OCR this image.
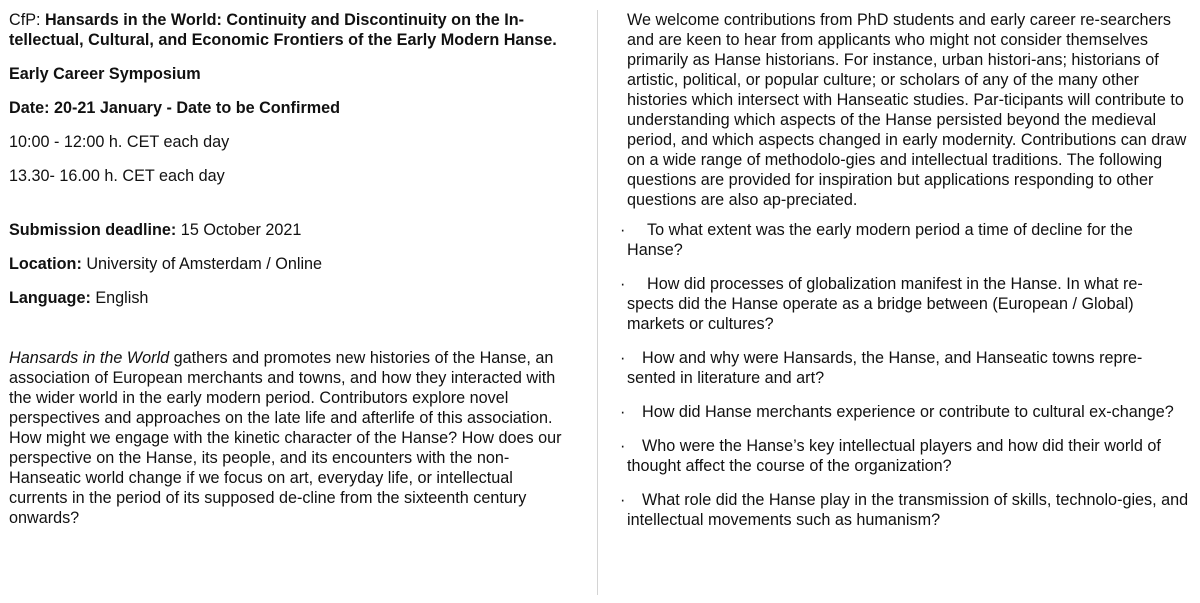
CfP: Hansards in the World: Continuity and Discontinuity on the In-tellectual, Cultural, and Economic Frontiers of the Early Modern Hanse.

Early Career Symposium

Date: 20-21 January - Date to be Confirmed

10:00 - 12:00 h. CET each day

13.30- 16.00 h. CET each day

Submission deadline: 15 October 2021

Location: University of Amsterdam / Online

Language: English

Hansards in the World gathers and promotes new histories of the Hanse, an association of European merchants and towns, and how they interacted with the wider world in the early modern period. Contributors explore novel perspectives and approaches on the late life and afterlife of this association. How might we engage with the kinetic character of the Hanse? How does our perspective on the Hanse, its people, and its encounters with the non-Hanseatic world change if we focus on art, everyday life, or intellectual currents in the period of its supposed de-cline from the sixteenth century onwards?

We welcome contributions from PhD students and early career re-searchers and are keen to hear from applicants who might not consider themselves primarily as Hanse historians. For instance, urban histori-ans; historians of artistic, political, or popular culture; or scholars of any of the many other histories which intersect with Hanseatic studies. Par-ticipants will contribute to understanding which aspects of the Hanse persisted beyond the medieval period, and which aspects changed in early modernity. Contributions can draw on a wide range of methodolo-gies and intellectual traditions. The following questions are provided for inspiration but applications responding to other questions are also ap-preciated.

· To what extent was the early modern period a time of decline for the Hanse?

· How did processes of globalization manifest in the Hanse. In what re-spects did the Hanse operate as a bridge between (European / Global) markets or cultures?

· How and why were Hansards, the Hanse, and Hanseatic towns repre-sented in literature and art?

· How did Hanse merchants experience or contribute to cultural ex-change?

· Who were the Hanse’s key intellectual players and how did their world of thought affect the course of the organization?

· What role did the Hanse play in the transmission of skills, technolo-gies, and intellectual movements such as humanism?
